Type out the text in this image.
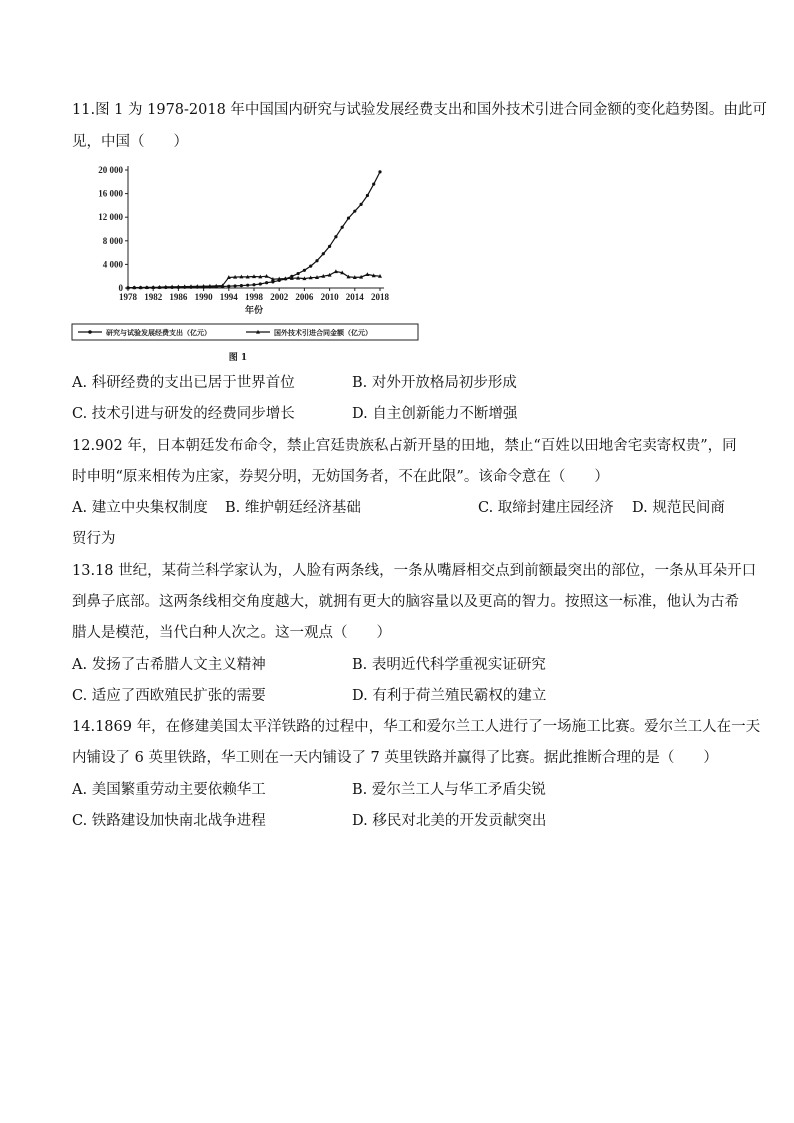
11.图 1 为 1978-2018 年中国国内研究与试验发展经费支出和国外技术引进合同金额的变化趋势图。由此可
见，中国（　　）
0
4 000
8 000
12 000
16 000
20 000
1978 1982 1986 1990 1994 1998 2002 2006 2010 2014 2018
年份
研究与试验发展经费支出（亿元）	国外技术引进合同金额（亿元）
图 1
A. 科研经费的支出已居于世界首位	B. 对外开放格局初步形成
C. 技术引进与研发的经费同步增长	D. 自主创新能力不断增强
12.902 年，日本朝廷发布命令，禁止宫廷贵族私占新开垦的田地，禁止“百姓以田地舍宅卖寄权贵”，同
时申明“原来相传为庄家，券契分明，无妨国务者，不在此限”。该命令意在（　　）
A. 建立中央集权制度 B. 维护朝廷经济基础	C. 取缔封建庄园经济 D. 规范民间商
贸行为
13.18 世纪，某荷兰科学家认为，人脸有两条线，一条从嘴唇相交点到前额最突出的部位，一条从耳朵开口
到鼻子底部。这两条线相交角度越大，就拥有更大的脑容量以及更高的智力。按照这一标准，他认为古希
腊人是模范，当代白种人次之。这一观点（　　）
A. 发扬了古希腊人文主义精神	B. 表明近代科学重视实证研究
C. 适应了西欧殖民扩张的需要	D. 有利于荷兰殖民霸权的建立
14.1869 年，在修建美国太平洋铁路的过程中，华工和爱尔兰工人进行了一场施工比赛。爱尔兰工人在一天
内铺设了 6 英里铁路，华工则在一天内铺设了 7 英里铁路并赢得了比赛。据此推断合理的是（　　）
A. 美国繁重劳动主要依赖华工	B. 爱尔兰工人与华工矛盾尖锐
C. 铁路建设加快南北战争进程	D. 移民对北美的开发贡献突出
